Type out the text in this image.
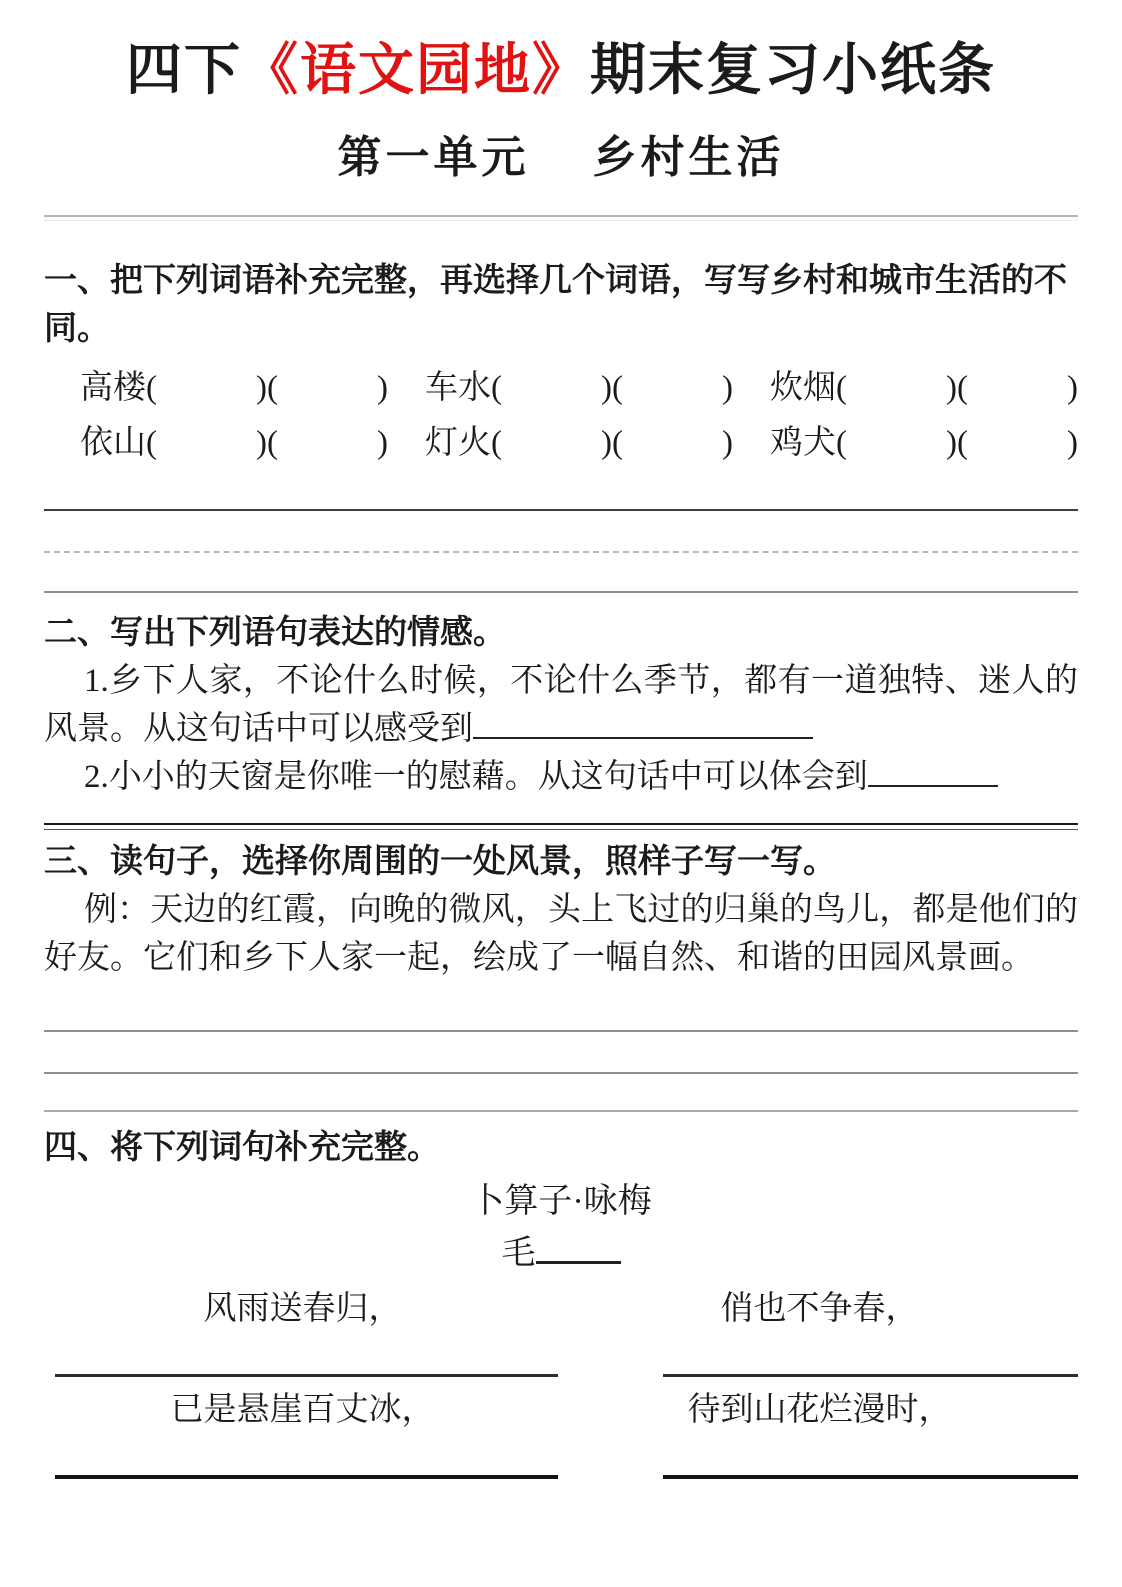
四下《语文园地》期末复习小纸条
第一单元　 乡村生活

一、把下列词语补充完整，再选择几个词语，写写乡村和城市生活的不同。

高楼(　　　)(　　　) 车水(　　　)(　　　) 炊烟(　　　)(　　　)
依山(　　　)(　　　) 灯火(　　　)(　　　) 鸡犬(　　　)(　　　)

二、写出下列语句表达的情感。

1.乡下人家，不论什么时候，不论什么季节，都有一道独特、迷人的风景。从这句话中可以感受到

2.小小的天窗是你唯一的慰藉。从这句话中可以体会到

三、读句子，选择你周围的一处风景，照样子写一写。

例：天边的红霞，向晚的微风，头上飞过的归巢的鸟儿，都是他们的好友。它们和乡下人家一起，绘成了一幅自然、和谐的田园风景画。

四、将下列词句补充完整。

卜算子·咏梅
毛
风雨送春归，	俏也不争春，
已是悬崖百丈冰，	待到山花烂漫时，
